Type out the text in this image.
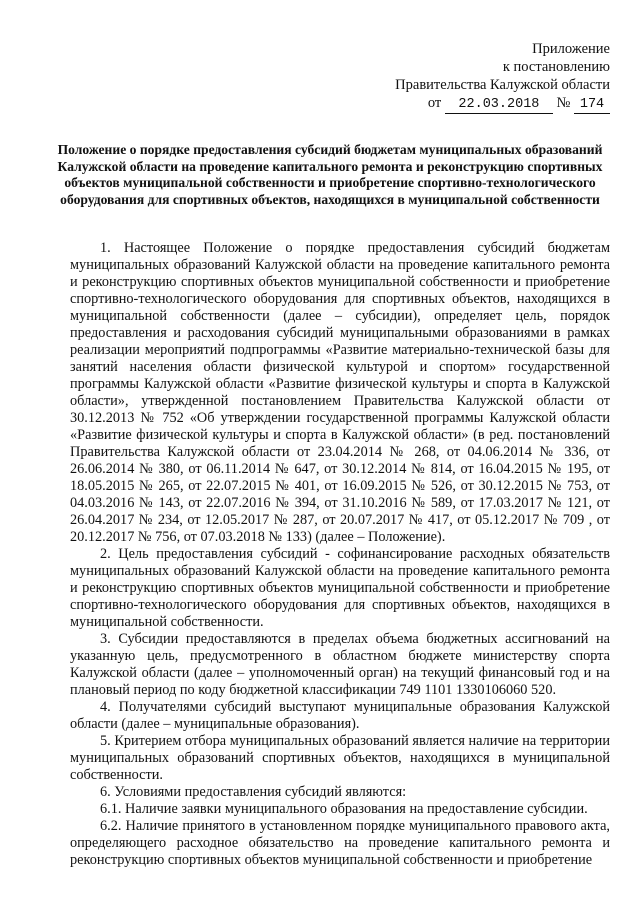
Приложение
к постановлению
Правительства Калужской области
от 22.03.2018 № 174
Положение о порядке предоставления субсидий бюджетам муниципальных образований Калужской области на проведение капитального ремонта и реконструкцию спортивных объектов муниципальной собственности и приобретение спортивно-технологического оборудования для спортивных объектов, находящихся в муниципальной собственности

1. Настоящее Положение о порядке предоставления субсидий бюджетам муниципальных образований Калужской области на проведение капитального ремонта и реконструкцию спортивных объектов муниципальной собственности и приобретение спортивно-технологического оборудования для спортивных объектов, находящихся в муниципальной собственности (далее – субсидии), определяет цель, порядок предоставления и расходования субсидий муниципальными образованиями в рамках реализации мероприятий подпрограммы «Развитие материально-технической базы для занятий населения области физической культурой и спортом» государственной программы Калужской области «Развитие физической культуры и спорта в Калужской области», утвержденной постановлением Правительства Калужской области от 30.12.2013 № 752 «Об утверждении государственной программы Калужской области «Развитие физической культуры и спорта в Калужской области» (в ред. постановлений Правительства Калужской области от 23.04.2014 № 268, от 04.06.2014 № 336, от 26.06.2014 № 380, от 06.11.2014 № 647, от 30.12.2014 № 814, от 16.04.2015 № 195, от 18.05.2015 № 265, от 22.07.2015 № 401, от 16.09.2015 № 526, от 30.12.2015 № 753, от 04.03.2016 № 143, от 22.07.2016 № 394, от 31.10.2016 № 589, от 17.03.2017 № 121, от 26.04.2017 № 234, от 12.05.2017 № 287, от 20.07.2017 № 417, от 05.12.2017 № 709 , от 20.12.2017 № 756, от 07.03.2018 № 133) (далее – Положение).

2. Цель предоставления субсидий - софинансирование расходных обязательств муниципальных образований Калужской области на проведение капитального ремонта и реконструкцию спортивных объектов муниципальной собственности и приобретение спортивно-технологического оборудования для спортивных объектов, находящихся в муниципальной собственности.

3. Субсидии предоставляются в пределах объема бюджетных ассигнований на указанную цель, предусмотренного в областном бюджете министерству спорта Калужской области (далее – уполномоченный орган) на текущий финансовый год и на плановый период по коду бюджетной классификации 749 1101 1330106060 520.

4. Получателями субсидий выступают муниципальные образования Калужской области (далее – муниципальные образования).

5. Критерием отбора муниципальных образований является наличие на территории муниципальных образований спортивных объектов, находящихся в муниципальной собственности.

6. Условиями предоставления субсидий являются:

6.1. Наличие заявки муниципального образования на предоставление субсидии.

6.2. Наличие принятого в установленном порядке муниципального правового акта, определяющего расходное обязательство на проведение капитального ремонта и реконструкцию спортивных объектов муниципальной собственности и приобретение
